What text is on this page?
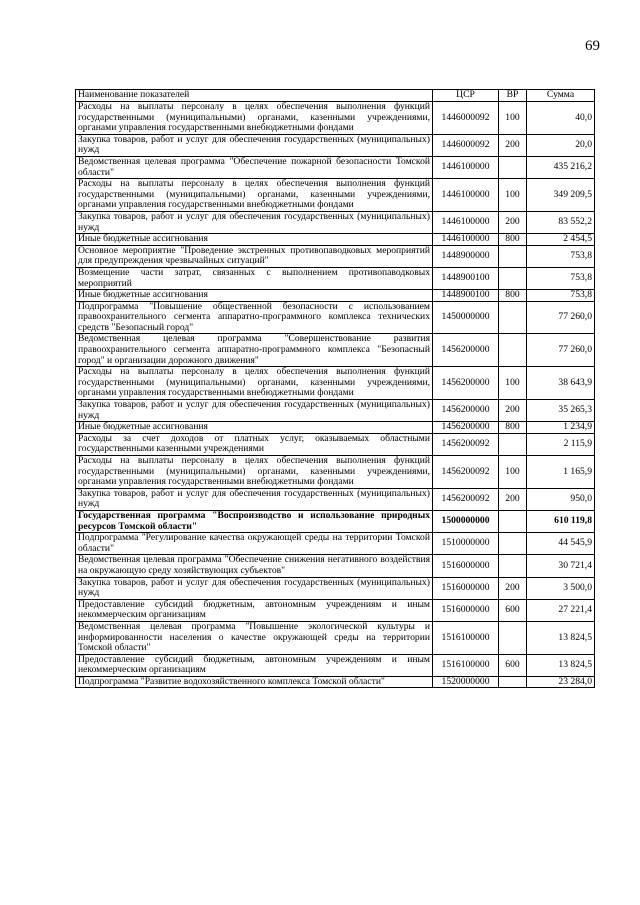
69
Наименование показателей	ЦСР	ВР	Сумма
Расходы на выплаты персоналу в целях обеспечения выполнения функций государственными (муниципальными) органами, казенными учреждениями, органами управления государственными внебюджетными фондами	1446000092	100	40,0
Закупка товаров, работ и услуг для обеспечения государственных (муниципальных) нужд	1446000092	200	20,0
Ведомственная целевая программа "Обеспечение пожарной безопасности Томской области"	1446100000		435 216,2
Расходы на выплаты персоналу в целях обеспечения выполнения функций государственными (муниципальными) органами, казенными учреждениями, органами управления государственными внебюджетными фондами	1446100000	100	349 209,5
Закупка товаров, работ и услуг для обеспечения государственных (муниципальных) нужд	1446100000	200	83 552,2
Иные бюджетные ассигнования	1446100000	800	2 454,5
Основное мероприятие "Проведение экстренных противопаводковых мероприятий для предупреждения чрезвычайных ситуаций"	1448900000		753,8
Возмещение части затрат, связанных с выполнением противопаводковых мероприятий	1448900100		753,8
Иные бюджетные ассигнования	1448900100	800	753,8
Подпрограмма "Повышение общественной безопасности с использованием правоохранительного сегмента аппаратно-программного комплекса технических средств "Безопасный город"	1450000000		77 260,0
Ведомственная целевая программа "Совершенствование развития правоохранительного сегмента аппаратно-программного комплекса "Безопасный город" и организации дорожного движения"	1456200000		77 260,0
Расходы на выплаты персоналу в целях обеспечения выполнения функций государственными (муниципальными) органами, казенными учреждениями, органами управления государственными внебюджетными фондами	1456200000	100	38 643,9
Закупка товаров, работ и услуг для обеспечения государственных (муниципальных) нужд	1456200000	200	35 265,3
Иные бюджетные ассигнования	1456200000	800	1 234,9
Расходы за счет доходов от платных услуг, оказываемых областными государственными казенными учреждениями	1456200092		2 115,9
Расходы на выплаты персоналу в целях обеспечения выполнения функций государственными (муниципальными) органами, казенными учреждениями, органами управления государственными внебюджетными фондами	1456200092	100	1 165,9
Закупка товаров, работ и услуг для обеспечения государственных (муниципальных) нужд	1456200092	200	950,0
Государственная программа "Воспроизводство и использование природных ресурсов Томской области"	1500000000		610 119,8
Подпрограмма "Регулирование качества окружающей среды на территории Томской области"	1510000000		44 545,9
Ведомственная целевая программа "Обеспечение снижения негативного воздействия на окружающую среду хозяйствующих субъектов"	1516000000		30 721,4
Закупка товаров, работ и услуг для обеспечения государственных (муниципальных) нужд	1516000000	200	3 500,0
Предоставление субсидий бюджетным, автономным учреждениям и иным некоммерческим организациям	1516000000	600	27 221,4
Ведомственная целевая программа "Повышение экологической культуры и информированности населения о качестве окружающей среды на территории Томской области"	1516100000		13 824,5
Предоставление субсидий бюджетным, автономным учреждениям и иным некоммерческим организациям	1516100000	600	13 824,5
Подпрограмма "Развитие водохозяйственного комплекса Томской области"	1520000000		23 284,0
